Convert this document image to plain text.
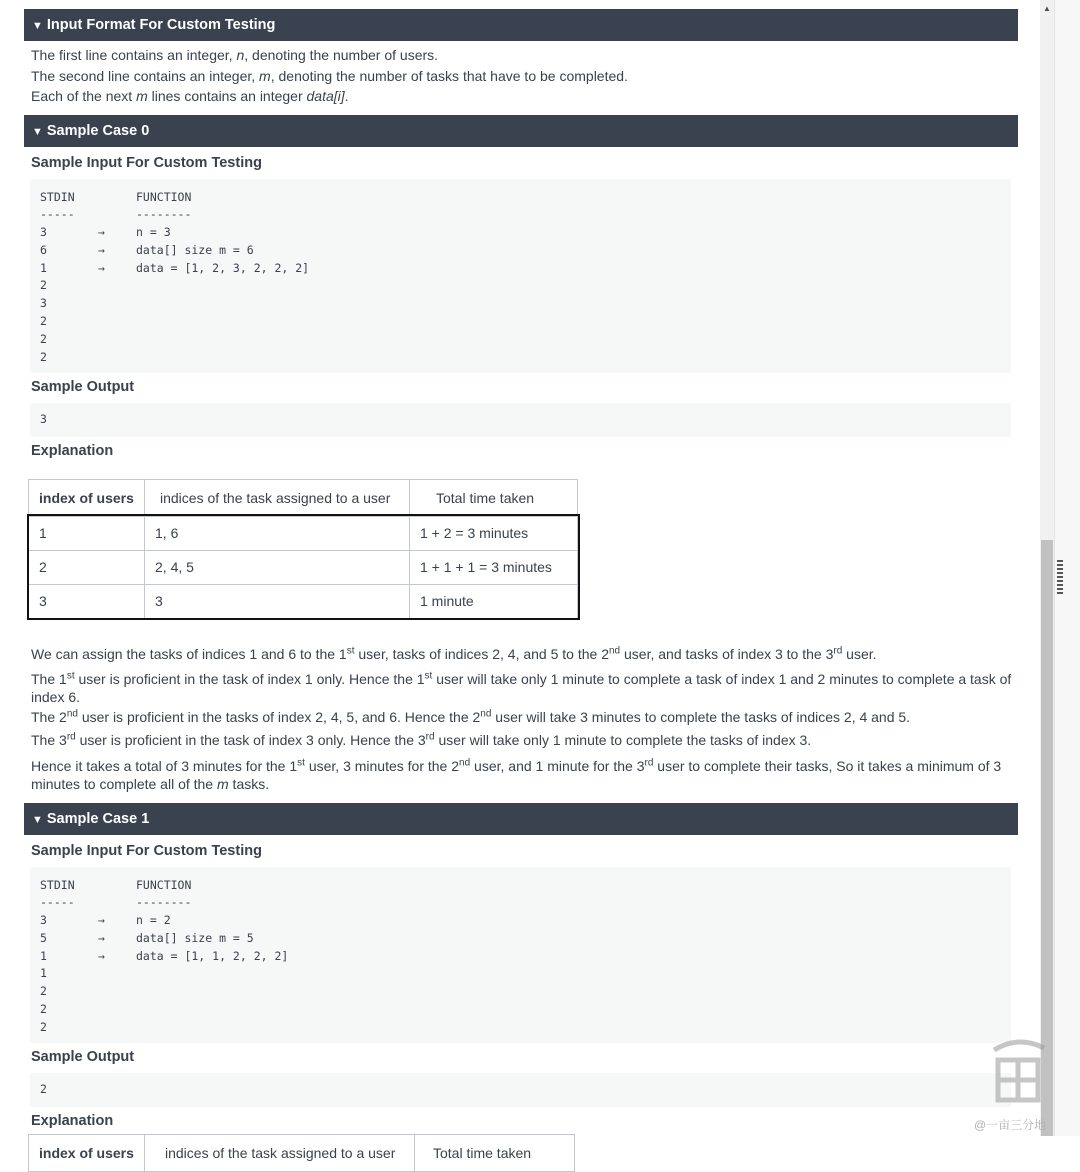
▼ Input Format For Custom Testing
The first line contains an integer, n, denoting the number of users.
The second line contains an integer, m, denoting the number of tasks that have to be completed.
Each of the next m lines contains an integer data[i].
▼ Sample Case 0
Sample Input For Custom Testing
STDIN	FUNCTION
-----	--------
3	→	n = 3
6	→	data[] size m = 6
1	→	data = [1, 2, 3, 2, 2, 2]
2
3
2
2
2
Sample Output
3
Explanation
index of users	indices of the task assigned to a user	Total time taken
1	1, 6	1 + 2 = 3 minutes
2	2, 4, 5	1 + 1 + 1 = 3 minutes
3	3	1 minute
We can assign the tasks of indices 1 and 6 to the 1st user, tasks of indices 2, 4, and 5 to the 2nd user, and tasks of index 3 to the 3rd user.
The 1st user is proficient in the task of index 1 only. Hence the 1st user will take only 1 minute to complete a task of index 1 and 2 minutes to complete a task of index 6.
The 2nd user is proficient in the tasks of index 2, 4, 5, and 6. Hence the 2nd user will take 3 minutes to complete the tasks of indices 2, 4 and 5.
The 3rd user is proficient in the task of index 3 only. Hence the 3rd user will take only 1 minute to complete the tasks of index 3.
Hence it takes a total of 3 minutes for the 1st user, 3 minutes for the 2nd user, and 1 minute for the 3rd user to complete their tasks, So it takes a minimum of 3 minutes to complete all of the m tasks.
▼ Sample Case 1
Sample Input For Custom Testing
STDIN	FUNCTION
-----	--------
3	→	n = 2
5	→	data[] size m = 5
1	→	data = [1, 1, 2, 2, 2]
1
2
2
2
Sample Output
2
Explanation
index of users	indices of the task assigned to a user	Total time taken
▲
@一亩三分地
